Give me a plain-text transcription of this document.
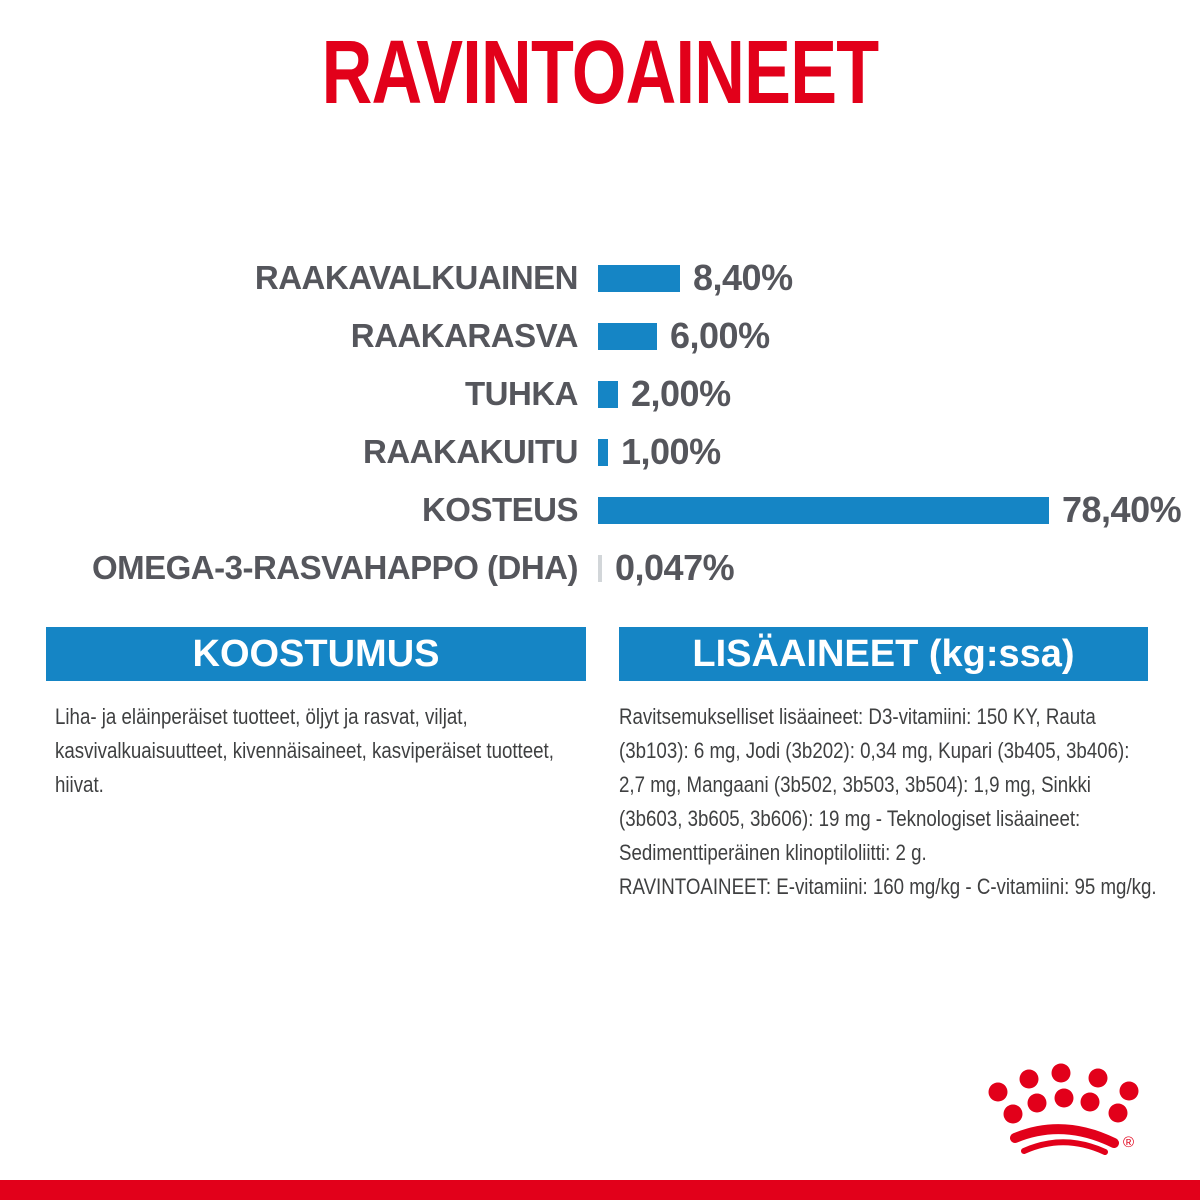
RAVINTOAINEET
RAAKAVALKUAINEN	8,40%
RAAKARASVA	6,00%
TUHKA 2,00%
RAAKAKUITU 1,00%
KOSTEUS	78,40%
OMEGA-3-RASVAHAPPO (DHA) 0,047%
KOOSTUMUS	LISÄAINEET (kg:ssa)
Liha- ja eläinperäiset tuotteet, öljyt ja rasvat, viljat,
kasvivalkuaisuutteet, kivennäisaineet, kasviperäiset tuotteet,
hiivat.
Ravitsemukselliset lisäaineet: D3-vitamiini: 150 KY, Rauta
(3b103): 6 mg, Jodi (3b202): 0,34 mg, Kupari (3b405, 3b406):
2,7 mg, Mangaani (3b502, 3b503, 3b504): 1,9 mg, Sinkki
(3b603, 3b605, 3b606): 19 mg - Teknologiset lisäaineet:
Sedimenttiperäinen klinoptiloliitti: 2 g.
RAVINTOAINEET: E-vitamiini: 160 mg/kg - C-vitamiini: 95 mg/kg.
®
